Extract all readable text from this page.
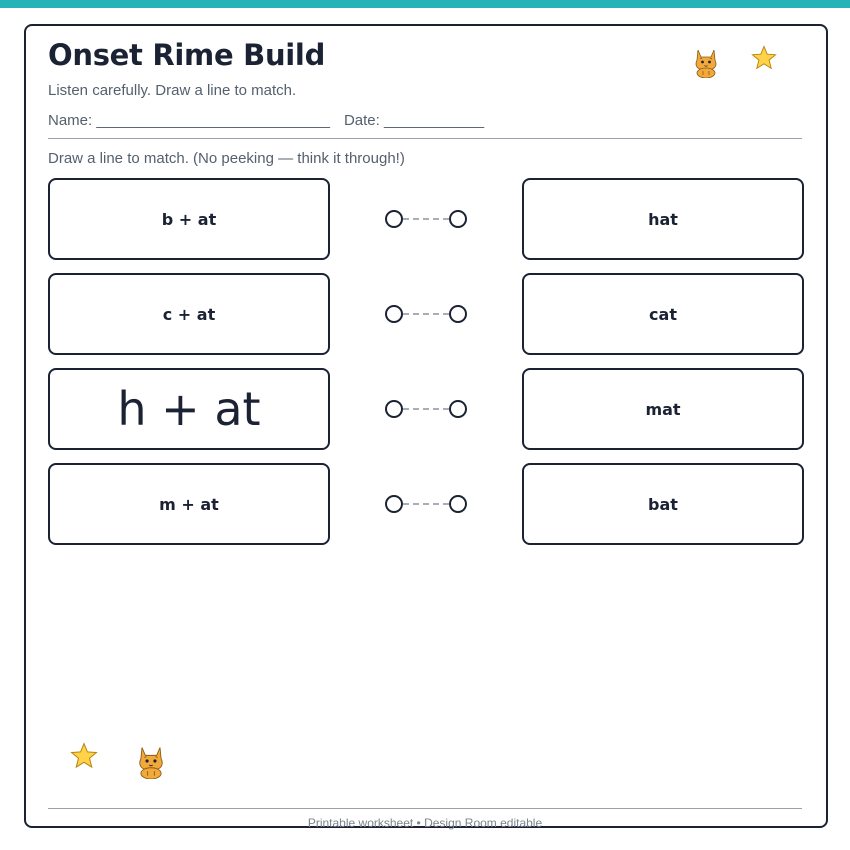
Onset Rime Build
Listen carefully. Draw a line to match.
Name: ____________________________ Date: ____________
Draw a line to match. (No peeking — think it through!)
b + at	hat
c + at	cat
h + at	mat
m + at	bat
Printable worksheet • Design Room editable
